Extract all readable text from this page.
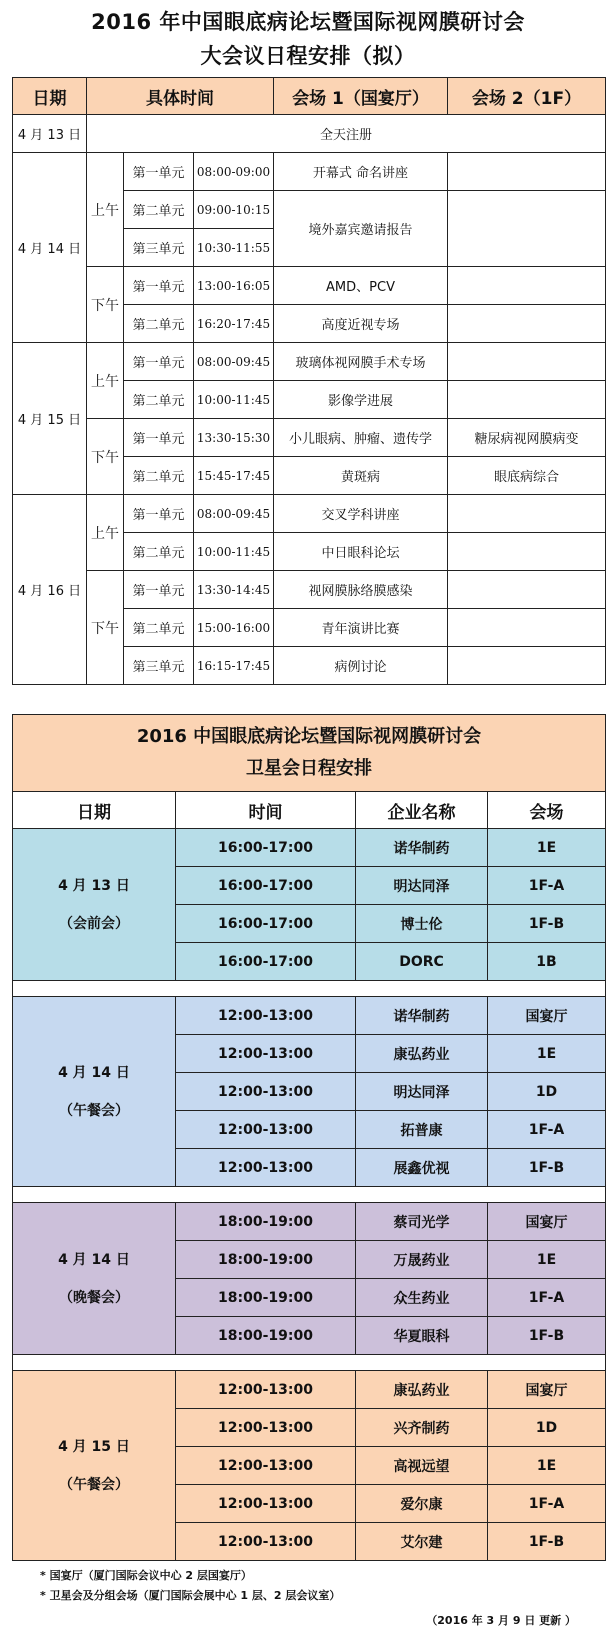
2016 年中国眼底病论坛暨国际视网膜研讨会
大会议日程安排（拟）
日期	具体时间			会场 1（国宴厅）	会场 2（1F）
4 月 13 日	全天注册				
4 月 14 日	上午	第一单元	08:00-09:00	开幕式 命名讲座	
		第二单元	09:00-10:15	境外嘉宾邀请报告	
		第三单元	10:30-11:55		
	下午	第一单元	13:00-16:05	AMD、PCV	
		第二单元	16:20-17:45	高度近视专场	
4 月 15 日	上午	第一单元	08:00-09:45	玻璃体视网膜手术专场	
		第二单元	10:00-11:45	影像学进展	
	下午	第一单元	13:30-15:30	小儿眼病、肿瘤、遗传学	糖尿病视网膜病变
		第二单元	15:45-17:45	黄斑病	眼底病综合
4 月 16 日	上午	第一单元	08:00-09:45	交叉学科讲座	
		第二单元	10:00-11:45	中日眼科论坛	
	下午	第一单元	13:30-14:45	视网膜脉络膜感染	
		第二单元	15:00-16:00	青年演讲比赛	
		第三单元	16:15-17:45	病例讨论	
2016 中国眼底病论坛暨国际视网膜研讨会
卫星会日程安排			

日期	时间	企业名称	会场

4 月 13 日
（会前会）	16:00-17:00	诺华制药	1E
	16:00-17:00	明达同泽	1F-A
	16:00-17:00	博士伦	1F-B
	16:00-17:00	DORC	1B

4 月 14 日
（午餐会）	12:00-13:00	诺华制药	国宴厅
	12:00-13:00	康弘药业	1E
	12:00-13:00	明达同泽	1D
	12:00-13:00	拓普康	1F-A
	12:00-13:00	展鑫优视	1F-B

4 月 14 日
（晚餐会）	18:00-19:00	蔡司光学	国宴厅
	18:00-19:00	万晟药业	1E
	18:00-19:00	众生药业	1F-A
	18:00-19:00	华夏眼科	1F-B

4 月 15 日
（午餐会）	12:00-13:00	康弘药业	国宴厅
	12:00-13:00	兴齐制药	1D
	12:00-13:00	高视远望	1E
	12:00-13:00	爱尔康	1F-A
	12:00-13:00	艾尔建	1F-B
* 国宴厅（厦门国际会议中心 2 层国宴厅）
* 卫星会及分组会场（厦门国际会展中心 1 层、2 层会议室）
（2016 年 3 月 9 日 更新 ）
